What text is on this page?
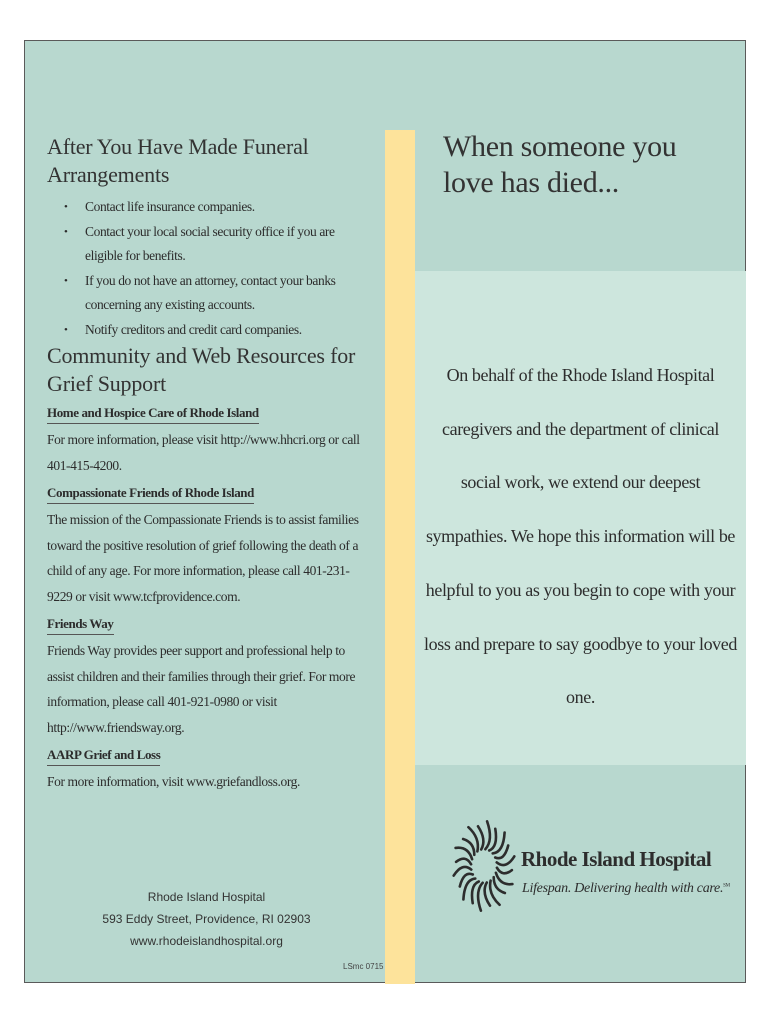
After You Have Made Funeral Arrangements
• Contact life insurance companies.
• Contact your local social security office if you are eligible for benefits.
• If you do not have an attorney, contact your banks concerning any existing accounts.
• Notify creditors and credit card companies.
Community and Web Resources for Grief Support
Home and Hospice Care of Rhode Island

For more information, please visit http://www.hhcri.org or call 401-415-4200.

Compassionate Friends of Rhode Island

The mission of the Compassionate Friends is to assist families toward the positive resolution of grief following the death of a child of any age. For more information, please call 401-231-9229 or visit www.tcfprovidence.com.

Friends Way

Friends Way provides peer support and professional help to assist children and their families through their grief. For more information, please call 401-921-0980 or visit http://www.friendsway.org.

AARP Grief and Loss

For more information, visit www.griefandloss.org.

Rhode Island Hospital
593 Eddy Street, Providence, RI 02903
www.rhodeislandhospital.org
LSmc 0715
When someone you love has died...

On behalf of the Rhode Island Hospital caregivers and the department of clinical social work, we extend our deepest sympathies. We hope this information will be helpful to you as you begin to cope with your loss and prepare to say goodbye to your loved one.

Rhode Island Hospital
Lifespan. Delivering health with care.℠
